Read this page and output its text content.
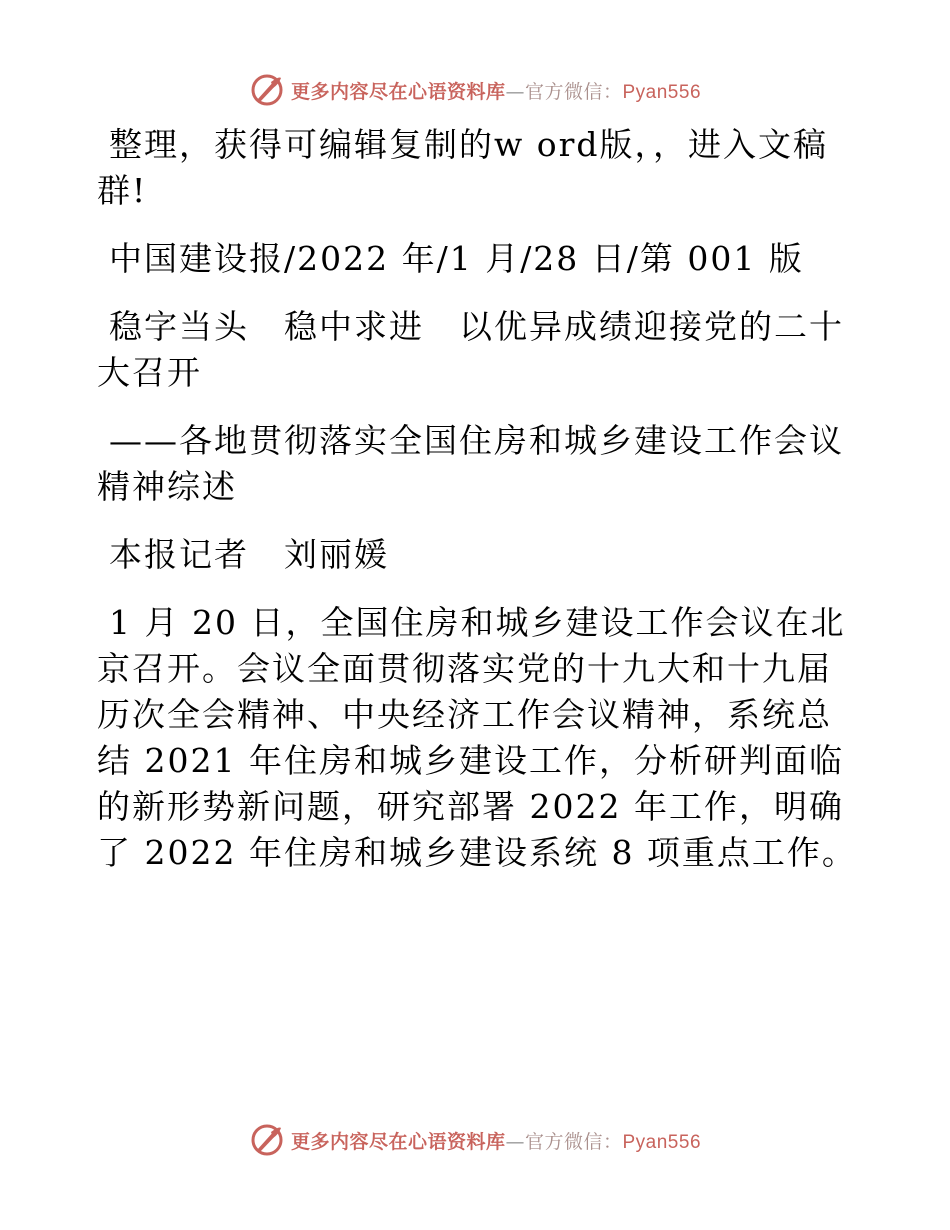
更多内容尽在心语资料库—官方微信：Pyan556

整理，获得可编辑复制的w ord版，，进入文稿群!

中国建设报/2022 年/1 月/28 日/第 001 版

稳字当头　稳中求进　以优异成绩迎接党的二十大召开

——各地贯彻落实全国住房和城乡建设工作会议精神综述

本报记者　刘丽媛

1 月 20 日，全国住房和城乡建设工作会议在北京召开。会议全面贯彻落实党的十九大和十九届历次全会精神、中央经济工作会议精神，系统总结 2021 年住房和城乡建设工作，分析研判面临的新形势新问题，研究部署 2022 年工作，明确了 2022 年住房和城乡建设系统 8 项重点工作。

更多内容尽在心语资料库—官方微信：Pyan556
